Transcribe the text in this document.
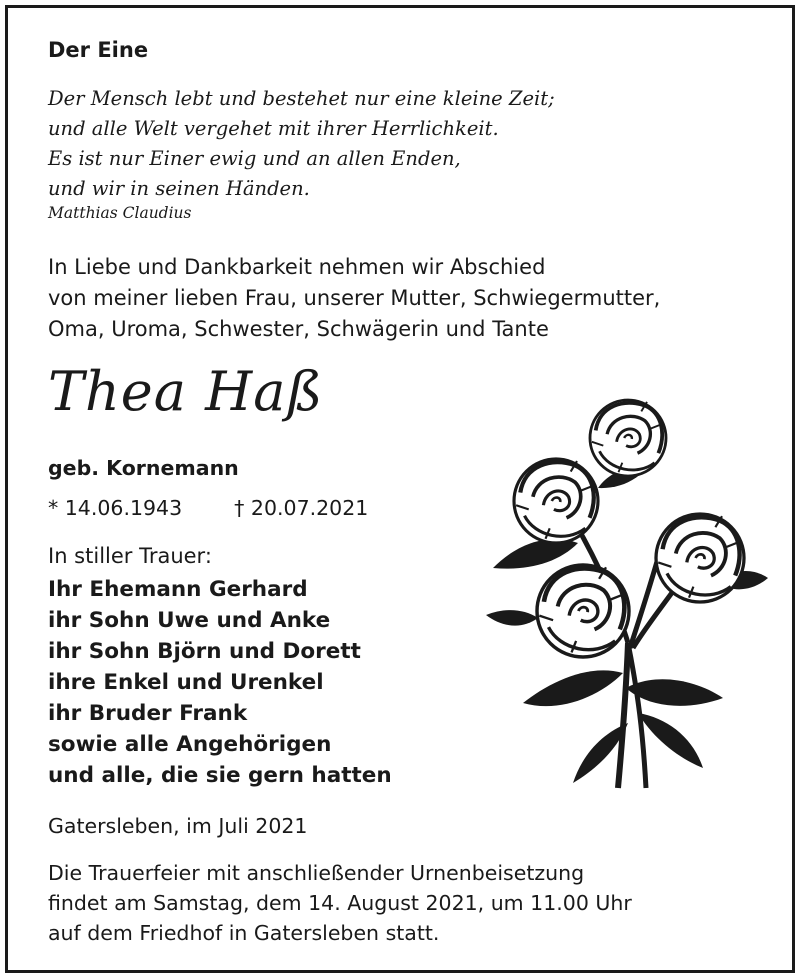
Der Eine
Der Mensch lebt und bestehet nur eine kleine Zeit;
und alle Welt vergehet mit ihrer Herrlichkeit.
Es ist nur Einer ewig und an allen Enden,
und wir in seinen Händen.
Matthias Claudius
In Liebe und Dankbarkeit nehmen wir Abschied
von meiner lieben Frau, unserer Mutter, Schwiegermutter,
Oma, Uroma, Schwester, Schwägerin und Tante
Thea Haß
geb. Kornemann
* 14.06.1943	† 20.07.2021
In stiller Trauer:
Ihr Ehemann Gerhard
ihr Sohn Uwe und Anke
ihr Sohn Björn und Dorett
ihre Enkel und Urenkel
ihr Bruder Frank
sowie alle Angehörigen
und alle, die sie gern hatten
Gatersleben, im Juli 2021
Die Trauerfeier mit anschließender Urnenbeisetzung
findet am Samstag, dem 14. August 2021, um 11.00 Uhr
auf dem Friedhof in Gatersleben statt.
